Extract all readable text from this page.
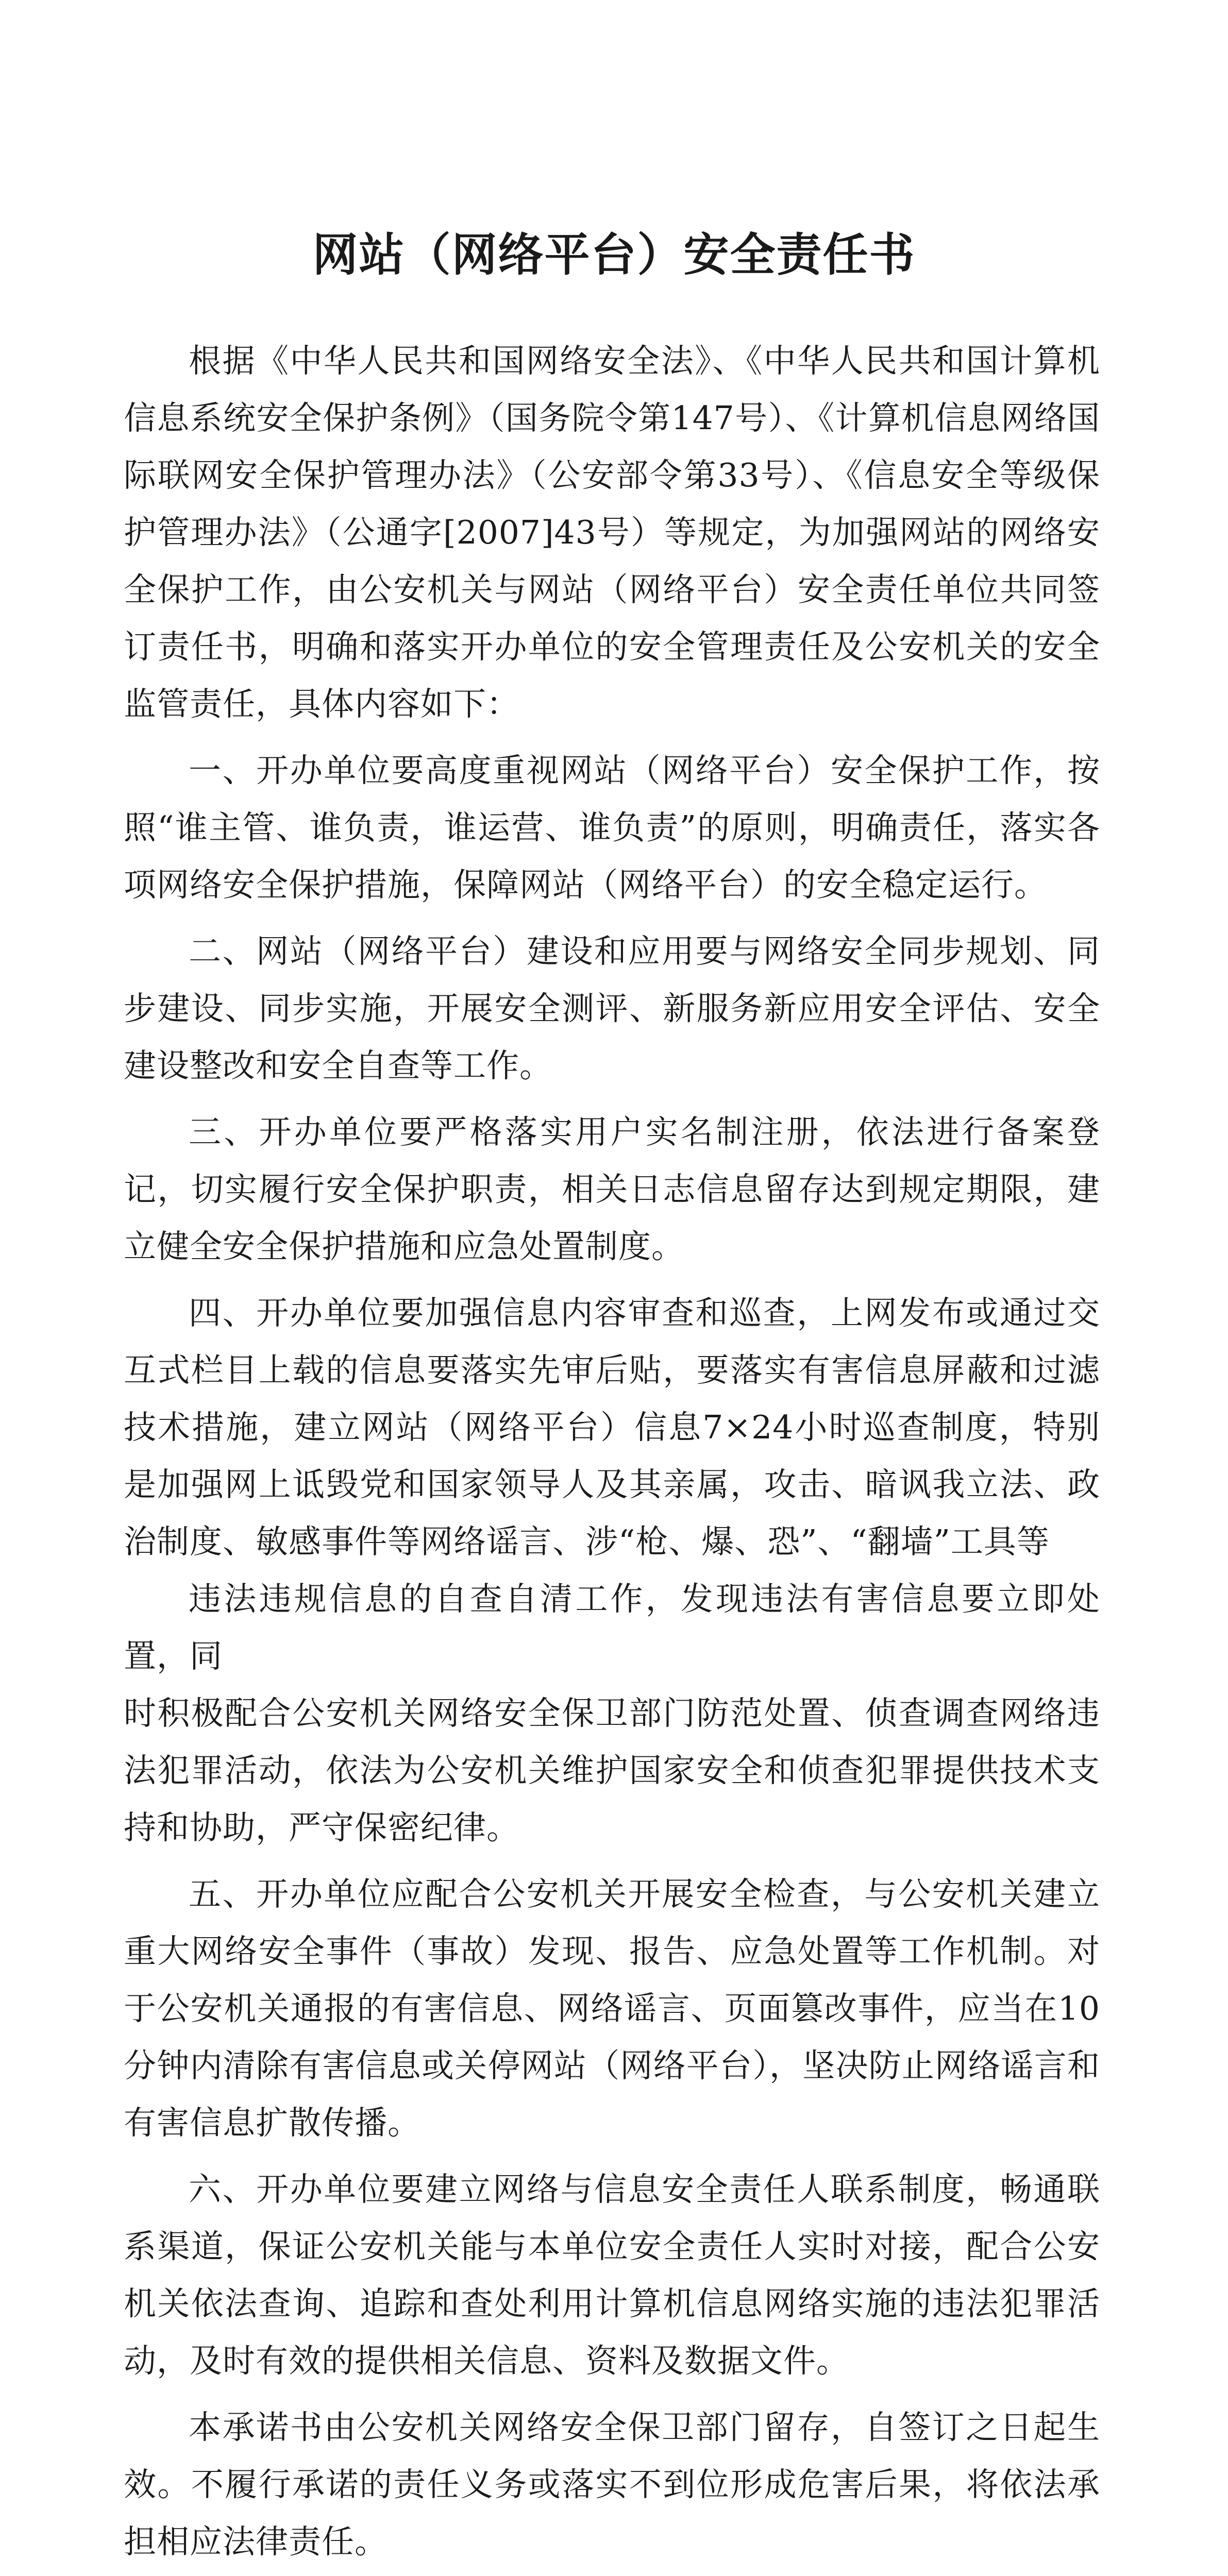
网站（网络平台）安全责任书

根据《中华人民共和国网络安全法》、《中华人民共和国计算机信息系统安全保护条例》（国务院令第147号）、《计算机信息网络国际联网安全保护管理办法》（公安部令第33号）、《信息安全等级保护管理办法》（公通字[2007]43号）等规定，为加强网站的网络安全保护工作，由公安机关与网站（网络平台）安全责任单位共同签订责任书，明确和落实开办单位的安全管理责任及公安机关的安全监管责任，具体内容如下：

一、开办单位要高度重视网站（网络平台）安全保护工作，按照“谁主管、谁负责，谁运营、谁负责”的原则，明确责任，落实各项网络安全保护措施，保障网站（网络平台）的安全稳定运行。

二、网站（网络平台）建设和应用要与网络安全同步规划、同步建设、同步实施，开展安全测评、新服务新应用安全评估、安全建设整改和安全自查等工作。

三、开办单位要严格落实用户实名制注册，依法进行备案登记，切实履行安全保护职责，相关日志信息留存达到规定期限，建立健全安全保护措施和应急处置制度。

四、开办单位要加强信息内容审查和巡查，上网发布或通过交互式栏目上载的信息要落实先审后贴，要落实有害信息屏蔽和过滤技术措施，建立网站（网络平台）信息7×24小时巡查制度，特别是加强网上诋毁党和国家领导人及其亲属，攻击、暗讽我立法、政治制度、敏感事件等网络谣言、涉“枪、爆、恐”、“翻墙”工具等
违法违规信息的自查自清工作，发现违法有害信息要立即处置，同

时积极配合公安机关网络安全保卫部门防范处置、侦查调查网络违法犯罪活动，依法为公安机关维护国家安全和侦查犯罪提供技术支持和协助，严守保密纪律。

五、开办单位应配合公安机关开展安全检查，与公安机关建立重大网络安全事件（事故）发现、报告、应急处置等工作机制。对于公安机关通报的有害信息、网络谣言、页面篡改事件，应当在10分钟内清除有害信息或关停网站（网络平台），坚决防止网络谣言和有害信息扩散传播。

六、开办单位要建立网络与信息安全责任人联系制度，畅通联系渠道，保证公安机关能与本单位安全责任人实时对接，配合公安机关依法查询、追踪和查处利用计算机信息网络实施的违法犯罪活动，及时有效的提供相关信息、资料及数据文件。

本承诺书由公安机关网络安全保卫部门留存，自签订之日起生效。不履行承诺的责任义务或落实不到位形成危害后果，将依法承担相应法律责任。
